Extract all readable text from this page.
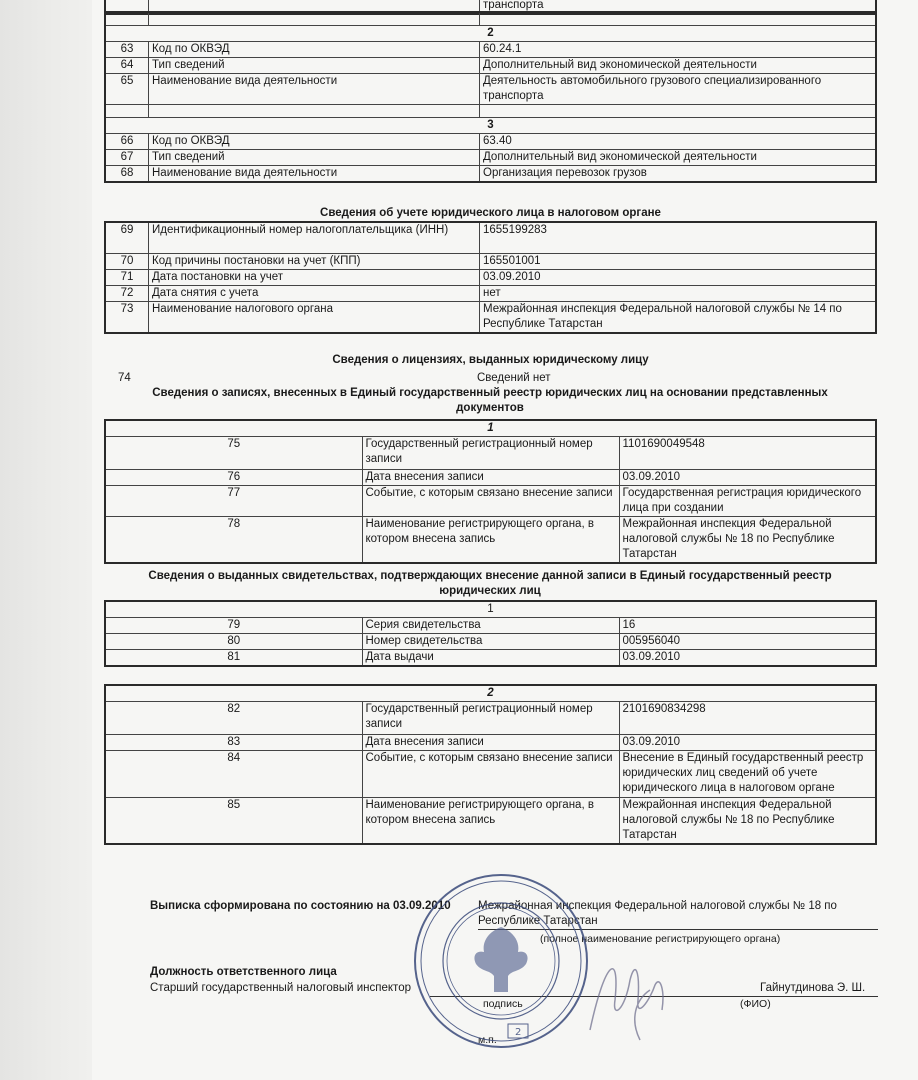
		транспорта

2		
63	Код по ОКВЭД	60.24.1
64	Тип сведений	Дополнительный вид экономической деятельности
65	Наименование вида деятельности	Деятельность автомобильного грузового специализированного транспорта

3		
66	Код по ОКВЭД	63.40
67	Тип сведений	Дополнительный вид экономической деятельности
68	Наименование вида деятельности	Организация перевозок грузов
Сведения об учете юридического лица в налоговом органе
69	Идентификационный номер налогоплательщика (ИНН)	1655199283
70	Код причины постановки на учет (КПП)	165501001
71	Дата постановки на учет	03.09.2010
72	Дата снятия с учета	нет
73	Наименование налогового органа	Межрайонная инспекция Федеральной налоговой службы № 14 по Республике Татарстан
Сведения о лицензиях, выданных юридическому лицу
74	Сведений нет
Сведения о записях, внесенных в Единый государственный реестр юридических лиц на основании представленных документов
1		
75	Государственный регистрационный номер записи	1101690049548
76	Дата внесения записи	03.09.2010
77	Событие, с которым связано внесение записи	Государственная регистрация юридического лица при создании
78	Наименование регистрирующего органа, в котором внесена запись	Межрайонная инспекция Федеральной налоговой службы № 18 по Республике Татарстан
Сведения о выданных свидетельствах, подтверждающих внесение данной записи в Единый государственный реестр юридических лиц
1		
79	Серия свидетельства	16
80	Номер свидетельства	005956040
81	Дата выдачи	03.09.2010
2		
82	Государственный регистрационный номер записи	2101690834298
83	Дата внесения записи	03.09.2010
84	Событие, с которым связано внесение записи	Внесение в Единый государственный реестр юридических лиц сведений об учете юридического лица в налоговом органе
85	Наименование регистрирующего органа, в котором внесена запись	Межрайонная инспекция Федеральной налоговой службы № 18 по Республике Татарстан
Выписка сформирована по состоянию на 03.09.2010 Межрайонная инспекция Федеральной налоговой службы № 18 по
Республике Татарстан
(полное наименование регистрирующего органа)
Должность ответственного лица
Старший государственный налоговый инспектор
подпись
Гайнутдинова Э. Ш.
(ФИО)
м.п.
2
